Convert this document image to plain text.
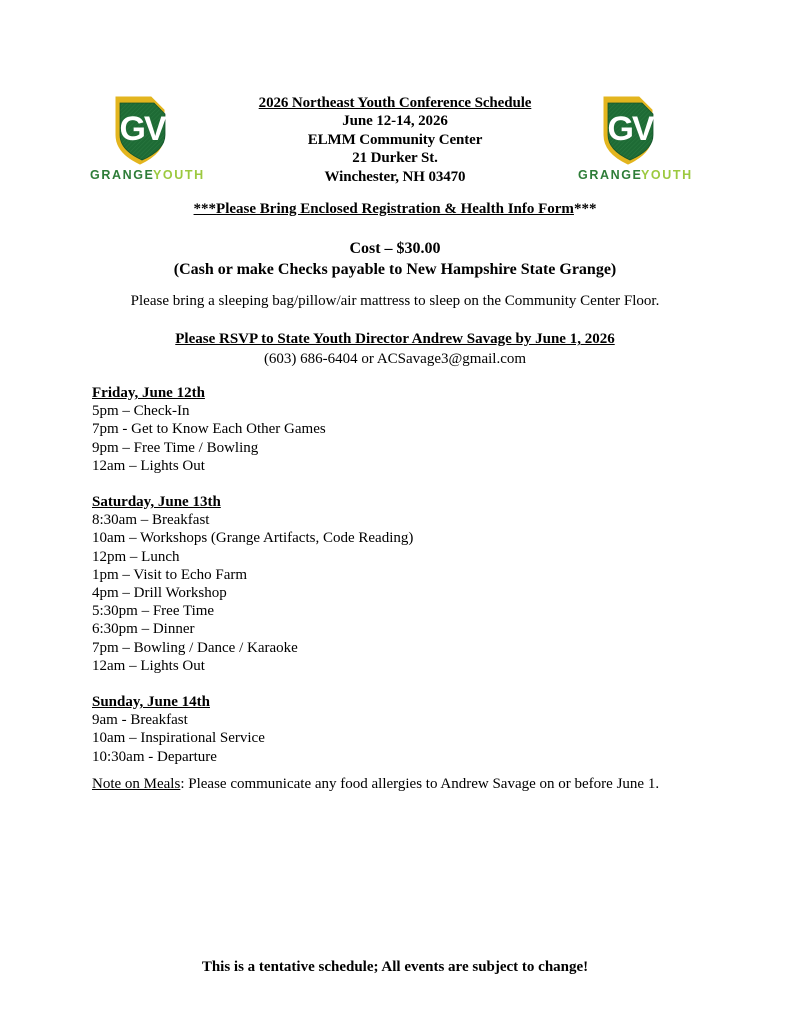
GV
GRANGE
YOUTH
GV
GRANGE
YOUTH
2026 Northeast Youth Conference Schedule
June 12-14, 2026
ELMM Community Center
21 Durker St.
Winchester, NH 03470
***Please Bring Enclosed Registration & Health Info Form***
Cost – $30.00
(Cash or make Checks payable to New Hampshire State Grange)
Please bring a sleeping bag/pillow/air mattress to sleep on the Community Center Floor.
Please RSVP to State Youth Director Andrew Savage by June 1, 2026
(603) 686-6404 or ACSavage3@gmail.com
Friday, June 12th
5pm – Check-In
7pm - Get to Know Each Other Games
9pm – Free Time / Bowling
12am – Lights Out
Saturday, June 13th
8:30am – Breakfast
10am – Workshops (Grange Artifacts, Code Reading)
12pm – Lunch
1pm – Visit to Echo Farm
4pm – Drill Workshop
5:30pm – Free Time
6:30pm – Dinner
7pm – Bowling / Dance / Karaoke
12am – Lights Out
Sunday, June 14th
9am - Breakfast
10am – Inspirational Service
10:30am - Departure
Note on Meals: Please communicate any food allergies to Andrew Savage on or before June 1.
This is a tentative schedule; All events are subject to change!
